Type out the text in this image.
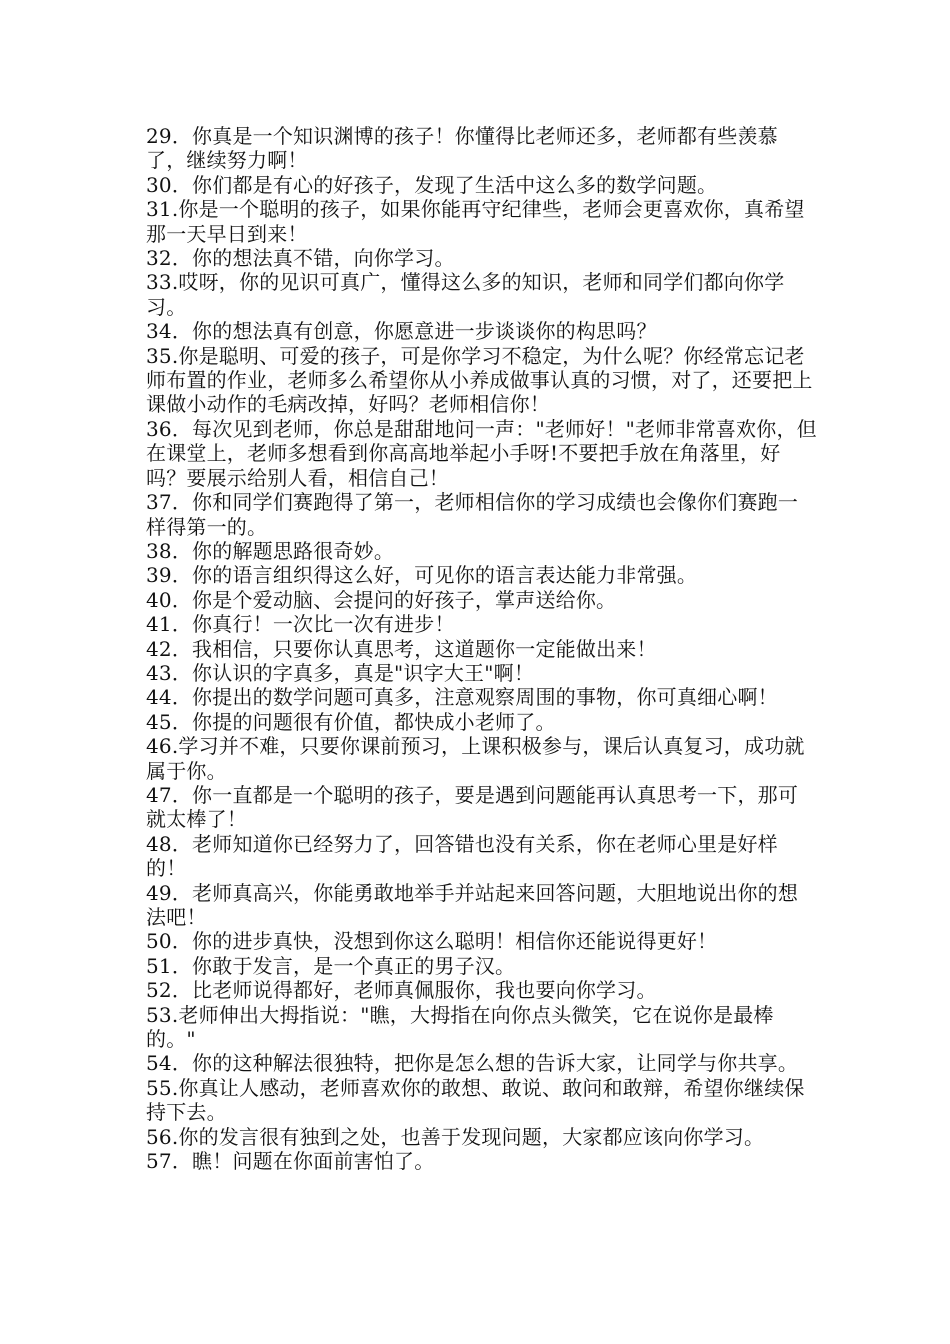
29．你真是一个知识渊博的孩子！你懂得比老师还多，老师都有些羡慕了，继续努力啊！

30．你们都是有心的好孩子，发现了生活中这么多的数学问题。

31.你是一个聪明的孩子，如果你能再守纪律些，老师会更喜欢你，真希望那一天早日到来！

32．你的想法真不错，向你学习。

33.哎呀，你的见识可真广，懂得这么多的知识，老师和同学们都向你学习。

34．你的想法真有创意，你愿意进一步谈谈你的构思吗？

35.你是聪明、可爱的孩子，可是你学习不稳定，为什么呢？你经常忘记老师布置的作业，老师多么希望你从小养成做事认真的习惯，对了，还要把上课做小动作的毛病改掉，好吗？老师相信你！

36．每次见到老师，你总是甜甜地问一声："老师好！"老师非常喜欢你，但在课堂上，老师多想看到你高高地举起小手呀!不要把手放在角落里，好吗？要展示给别人看，相信自己！

37．你和同学们赛跑得了第一，老师相信你的学习成绩也会像你们赛跑一样得第一的。

38．你的解题思路很奇妙。

39．你的语言组织得这么好，可见你的语言表达能力非常强。

40．你是个爱动脑、会提问的好孩子，掌声送给你。

41．你真行！一次比一次有进步！

42．我相信，只要你认真思考，这道题你一定能做出来！

43．你认识的字真多，真是"识字大王"啊！

44．你提出的数学问题可真多，注意观察周围的事物，你可真细心啊！

45．你提的问题很有价值，都快成小老师了。

46.学习并不难，只要你课前预习，上课积极参与，课后认真复习，成功就属于你。

47．你一直都是一个聪明的孩子，要是遇到问题能再认真思考一下，那可就太棒了！

48．老师知道你已经努力了，回答错也没有关系，你在老师心里是好样的！

49．老师真高兴，你能勇敢地举手并站起来回答问题，大胆地说出你的想法吧！

50．你的进步真快，没想到你这么聪明！相信你还能说得更好！

51．你敢于发言，是一个真正的男子汉。

52．比老师说得都好，老师真佩服你，我也要向你学习。

53.老师伸出大拇指说："瞧，大拇指在向你点头微笑，它在说你是最棒的。"

54．你的这种解法很独特，把你是怎么想的告诉大家，让同学与你共享。

55.你真让人感动，老师喜欢你的敢想、敢说、敢问和敢辩，希望你继续保持下去。

56.你的发言很有独到之处，也善于发现问题，大家都应该向你学习。

57．瞧！问题在你面前害怕了。
